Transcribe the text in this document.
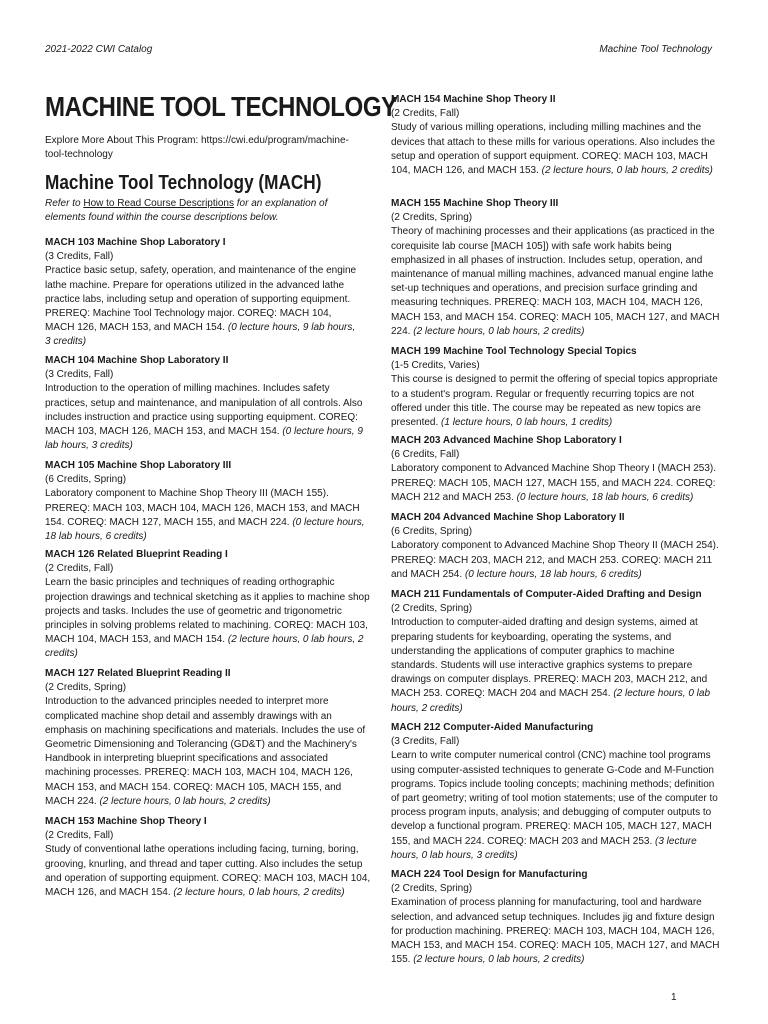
2021-2022 CWI Catalog	Machine Tool Technology
MACHINE TOOL TECHNOLOGY

Explore More About This Program: https://cwi.edu/program/machine-tool-technology

Machine Tool Technology (MACH)

Refer to How to Read Course Descriptions for an explanation of elements found within the course descriptions below.

MACH 103 Machine Shop Laboratory I
(3 Credits, Fall)
Practice basic setup, safety, operation, and maintenance of the engine lathe machine. Prepare for operations utilized in the advanced lathe practice labs, including setup and operation of supporting equipment. PREREQ: Machine Tool Technology major. COREQ: MACH 104, MACH 126, MACH 153, and MACH 154. (0 lecture hours, 9 lab hours, 3 credits)
MACH 104 Machine Shop Laboratory II
(3 Credits, Fall)
Introduction to the operation of milling machines. Includes safety practices, setup and maintenance, and manipulation of all controls. Also includes instruction and practice using supporting equipment. COREQ: MACH 103, MACH 126, MACH 153, and MACH 154. (0 lecture hours, 9 lab hours, 3 credits)
MACH 105 Machine Shop Laboratory III
(6 Credits, Spring)
Laboratory component to Machine Shop Theory III (MACH 155). PREREQ: MACH 103, MACH 104, MACH 126, MACH 153, and MACH 154. COREQ: MACH 127, MACH 155, and MACH 224. (0 lecture hours, 18 lab hours, 6 credits)
MACH 126 Related Blueprint Reading I
(2 Credits, Fall)
Learn the basic principles and techniques of reading orthographic projection drawings and technical sketching as it applies to machine shop projects and tasks. Includes the use of geometric and trigonometric principles in solving problems related to machining. COREQ: MACH 103, MACH 104, MACH 153, and MACH 154. (2 lecture hours, 0 lab hours, 2 credits)
MACH 127 Related Blueprint Reading II
(2 Credits, Spring)
Introduction to the advanced principles needed to interpret more complicated machine shop detail and assembly drawings with an emphasis on machining specifications and materials. Includes the use of Geometric Dimensioning and Tolerancing (GD&T) and the Machinery's Handbook in interpreting blueprint specifications and associated machining processes. PREREQ: MACH 103, MACH 104, MACH 126, MACH 153, and MACH 154. COREQ: MACH 105, MACH 155, and MACH 224. (2 lecture hours, 0 lab hours, 2 credits)
MACH 153 Machine Shop Theory I
(2 Credits, Fall)
Study of conventional lathe operations including facing, turning, boring, grooving, knurling, and thread and taper cutting. Also includes the setup and operation of supporting equipment. COREQ: MACH 103, MACH 104, MACH 126, and MACH 154. (2 lecture hours, 0 lab hours, 2 credits)
MACH 154 Machine Shop Theory II
(2 Credits, Fall)
Study of various milling operations, including milling machines and the devices that attach to these mills for various operations. Also includes the setup and operation of support equipment. COREQ: MACH 103, MACH 104, MACH 126, and MACH 153. (2 lecture hours, 0 lab hours, 2 credits)
MACH 155 Machine Shop Theory III
(2 Credits, Spring)
Theory of machining processes and their applications (as practiced in the corequisite lab course [MACH 105]) with safe work habits being emphasized in all phases of instruction. Includes setup, operation, and maintenance of manual milling machines, advanced manual engine lathe set-up techniques and operations, and precision surface grinding and measuring techniques. PREREQ: MACH 103, MACH 104, MACH 126, MACH 153, and MACH 154. COREQ: MACH 105, MACH 127, and MACH 224. (2 lecture hours, 0 lab hours, 2 credits)
MACH 199 Machine Tool Technology Special Topics
(1-5 Credits, Varies)
This course is designed to permit the offering of special topics appropriate to a student's program. Regular or frequently recurring topics are not offered under this title. The course may be repeated as new topics are presented. (1 lecture hours, 0 lab hours, 1 credits)
MACH 203 Advanced Machine Shop Laboratory I
(6 Credits, Fall)
Laboratory component to Advanced Machine Shop Theory I (MACH 253). PREREQ: MACH 105, MACH 127, MACH 155, and MACH 224. COREQ: MACH 212 and MACH 253. (0 lecture hours, 18 lab hours, 6 credits)
MACH 204 Advanced Machine Shop Laboratory II
(6 Credits, Spring)
Laboratory component to Advanced Machine Shop Theory II (MACH 254). PREREQ: MACH 203, MACH 212, and MACH 253. COREQ: MACH 211 and MACH 254. (0 lecture hours, 18 lab hours, 6 credits)
MACH 211 Fundamentals of Computer-Aided Drafting and Design
(2 Credits, Spring)
Introduction to computer-aided drafting and design systems, aimed at preparing students for keyboarding, operating the systems, and understanding the applications of computer graphics to machine standards. Students will use interactive graphics systems to prepare drawings on computer displays. PREREQ: MACH 203, MACH 212, and MACH 253. COREQ: MACH 204 and MACH 254. (2 lecture hours, 0 lab hours, 2 credits)
MACH 212 Computer-Aided Manufacturing
(3 Credits, Fall)
Learn to write computer numerical control (CNC) machine tool programs using computer-assisted techniques to generate G-Code and M-Function programs. Topics include tooling concepts; machining methods; definition of part geometry; writing of tool motion statements; use of the computer to process program inputs, analysis; and debugging of computer outputs to develop a functional program. PREREQ: MACH 105, MACH 127, MACH 155, and MACH 224. COREQ: MACH 203 and MACH 253. (3 lecture hours, 0 lab hours, 3 credits)
MACH 224 Tool Design for Manufacturing
(2 Credits, Spring)
Examination of process planning for manufacturing, tool and hardware selection, and advanced setup techniques. Includes jig and fixture design for production machining. PREREQ: MACH 103, MACH 104, MACH 126, MACH 153, and MACH 154. COREQ: MACH 105, MACH 127, and MACH 155. (2 lecture hours, 0 lab hours, 2 credits)
1
